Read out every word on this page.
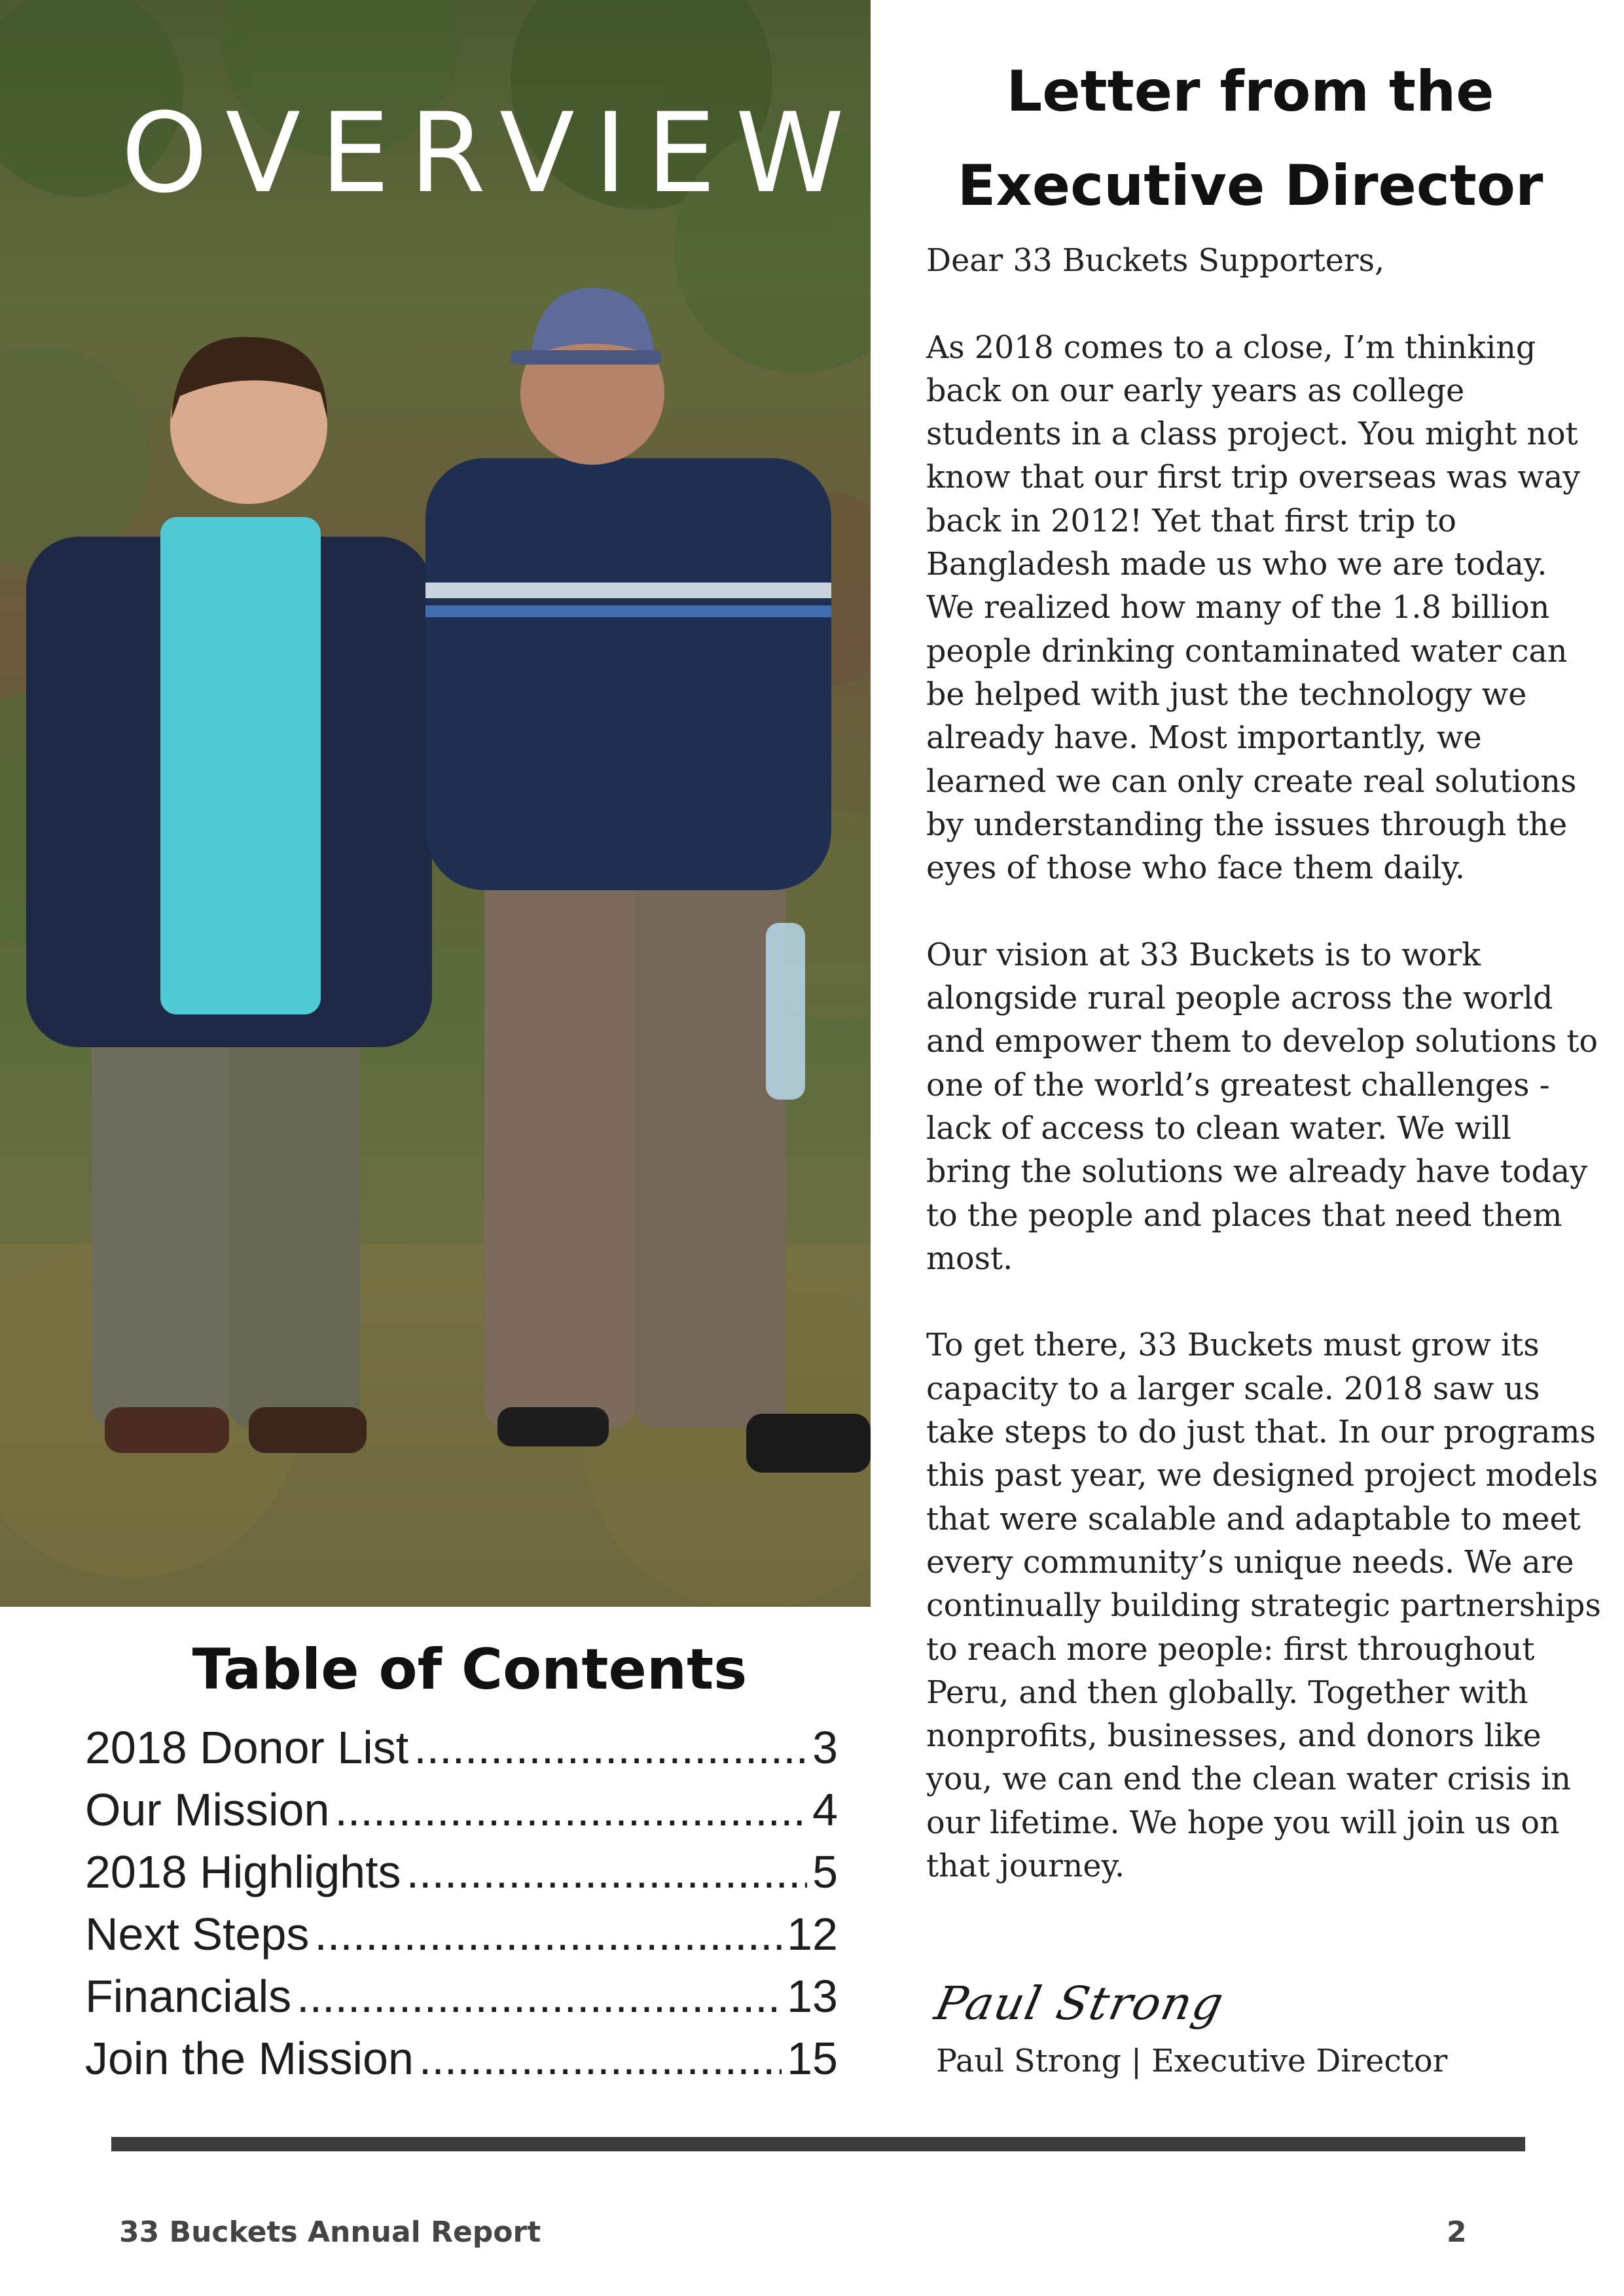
OVERVIEW	Letter from the
Executive Director

Dear 33 Buckets Supporters,

As 2018 comes to a close, I’m thinking back on our early years as college students in a class project. You might not know that our first trip overseas was way back in 2012! Yet that first trip to Bangladesh made us who we are today. We realized how many of the 1.8 billion people drinking contaminated water can be helped with just the technology we already have. Most importantly, we learned we can only create real solutions by understanding the issues through the eyes of those who face them daily.

Our vision at 33 Buckets is to work alongside rural people across the world and empower them to develop solutions to one of the world’s greatest challenges - lack of access to clean water. We will bring the solutions we already have today to the people and places that need them most.

To get there, 33 Buckets must grow its capacity to a larger scale. 2018 saw us take steps to do just that. In our programs this past year, we designed project models that were scalable and adaptable to meet every community’s unique needs. We are continually building strategic partnerships to reach more people: first throughout Peru, and then globally. Together with nonprofits, businesses, and donors like you, we can end the clean water crisis in our lifetime. We hope you will join us on that journey.

Paul Strong
Paul Strong | Executive Director
Table of Contents
2018 Donor List .....	3
Our Mission .....	4
2018 Highlights .....	5
Next Steps .....	12
Financials .....	13
Join the Mission .....	15
33 Buckets Annual Report	2
